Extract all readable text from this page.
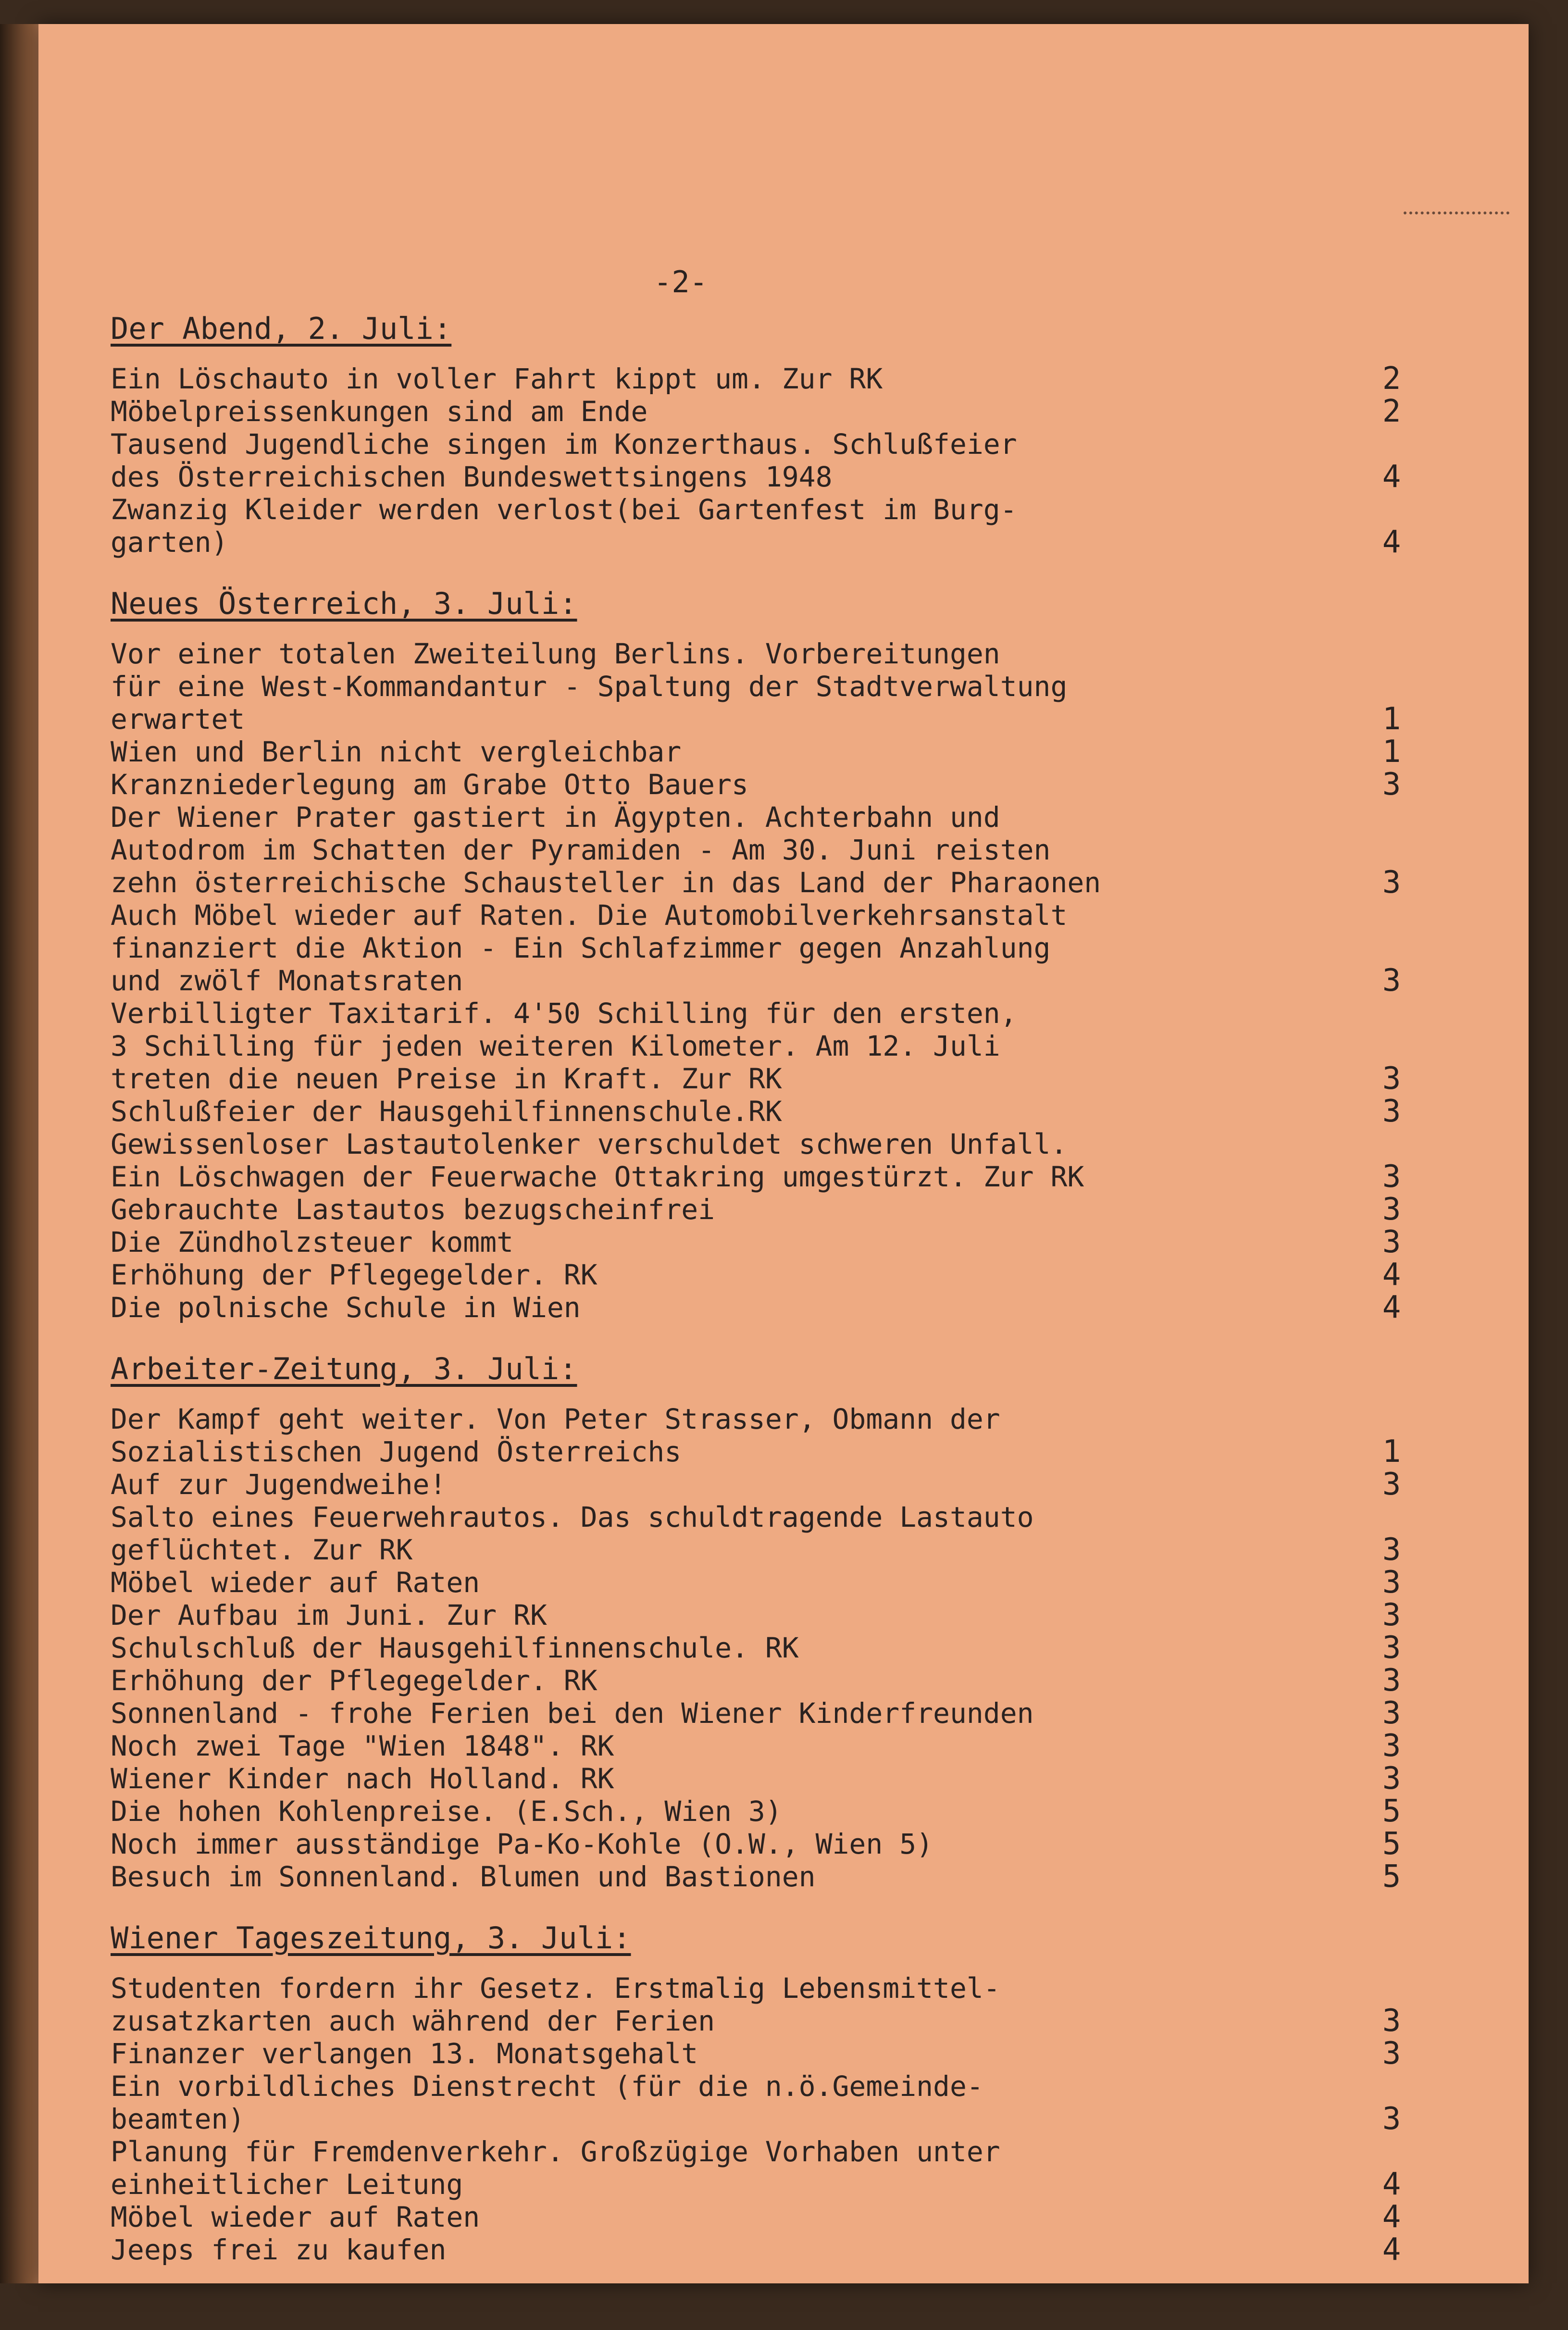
-2-
Der Abend, 2. Juli:
Ein Löschauto in voller Fahrt kippt um. Zur RK	2
Möbelpreissenkungen sind am Ende	2
Tausend Jugendliche singen im Konzerthaus. Schlußfeier
des Österreichischen Bundeswettsingens 1948	4
Zwanzig Kleider werden verlost(bei Gartenfest im Burg-
garten)	4
Neues Österreich, 3. Juli:
Vor einer totalen Zweiteilung Berlins. Vorbereitungen
für eine West-Kommandantur - Spaltung der Stadtverwaltung
erwartet	1
Wien und Berlin nicht vergleichbar	1
Kranzniederlegung am Grabe Otto Bauers	3
Der Wiener Prater gastiert in Ägypten. Achterbahn und
Autodrom im Schatten der Pyramiden - Am 30. Juni reisten
zehn österreichische Schausteller in das Land der Pharaonen	3
Auch Möbel wieder auf Raten. Die Automobilverkehrsanstalt
finanziert die Aktion - Ein Schlafzimmer gegen Anzahlung
und zwölf Monatsraten	3
Verbilligter Taxitarif. 4'50 Schilling für den ersten,
3 Schilling für jeden weiteren Kilometer. Am 12. Juli
treten die neuen Preise in Kraft. Zur RK	3
Schlußfeier der Hausgehilfinnenschule.RK	3
Gewissenloser Lastautolenker verschuldet schweren Unfall.
Ein Löschwagen der Feuerwache Ottakring umgestürzt. Zur RK	3
Gebrauchte Lastautos bezugscheinfrei	3
Die Zündholzsteuer kommt	3
Erhöhung der Pflegegelder. RK	4
Die polnische Schule in Wien	4
Arbeiter-Zeitung, 3. Juli:
Der Kampf geht weiter. Von Peter Strasser, Obmann der
Sozialistischen Jugend Österreichs	1
Auf zur Jugendweihe!	3
Salto eines Feuerwehrautos. Das schuldtragende Lastauto
geflüchtet. Zur RK	3
Möbel wieder auf Raten	3
Der Aufbau im Juni. Zur RK	3
Schulschluß der Hausgehilfinnenschule. RK	3
Erhöhung der Pflegegelder. RK	3
Sonnenland - frohe Ferien bei den Wiener Kinderfreunden	3
Noch zwei Tage "Wien 1848". RK	3
Wiener Kinder nach Holland. RK	3
Die hohen Kohlenpreise. (E.Sch., Wien 3)	5
Noch immer ausständige Pa-Ko-Kohle (O.W., Wien 5)	5
Besuch im Sonnenland. Blumen und Bastionen	5
Wiener Tageszeitung, 3. Juli:
Studenten fordern ihr Gesetz. Erstmalig Lebensmittel-
zusatzkarten auch während der Ferien	3
Finanzer verlangen 13. Monatsgehalt	3
Ein vorbildliches Dienstrecht (für die n.ö.Gemeinde-
beamten)	3
Planung für Fremdenverkehr. Großzügige Vorhaben unter
einheitlicher Leitung	4
Möbel wieder auf Raten	4
Jeeps frei zu kaufen	4
